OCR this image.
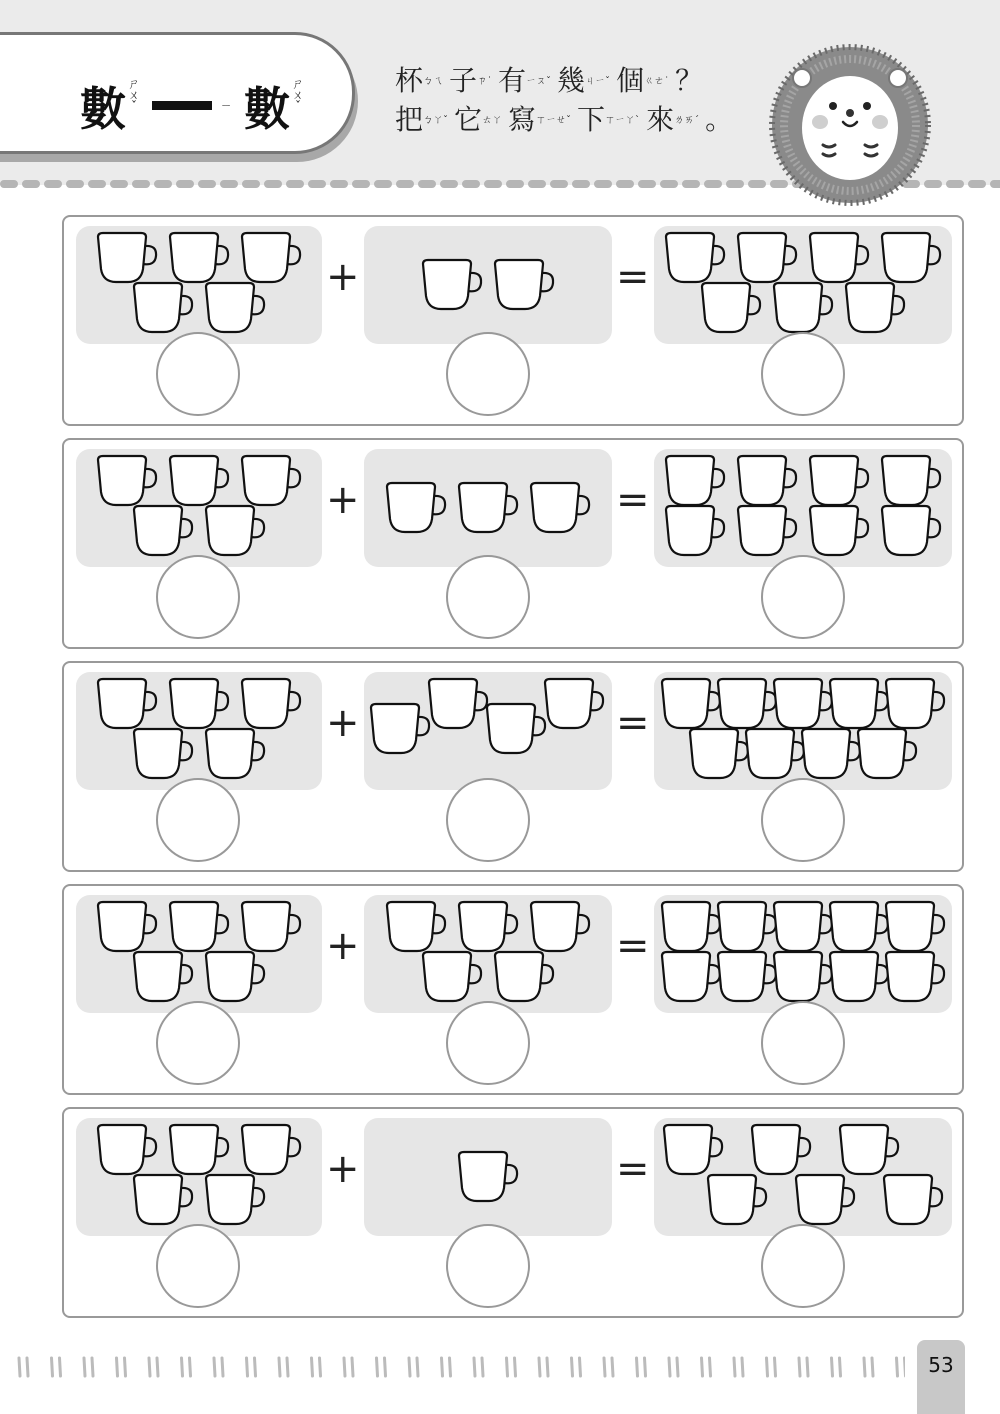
數 ㄕㄨˇ	ㄧ 數 ㄕㄨˇ
杯ㄅㄟ 子ㄗ˙ 有ㄧㄡˇ 幾ㄐㄧˇ 個ㄍㄜ˙ ？
把ㄅㄚˇ 它ㄊㄚ 寫ㄒㄧㄝˇ 下ㄒㄧㄚˋ 來ㄌㄞˊ 。
+	=
+	=
+	=
+	=
+	=
53
